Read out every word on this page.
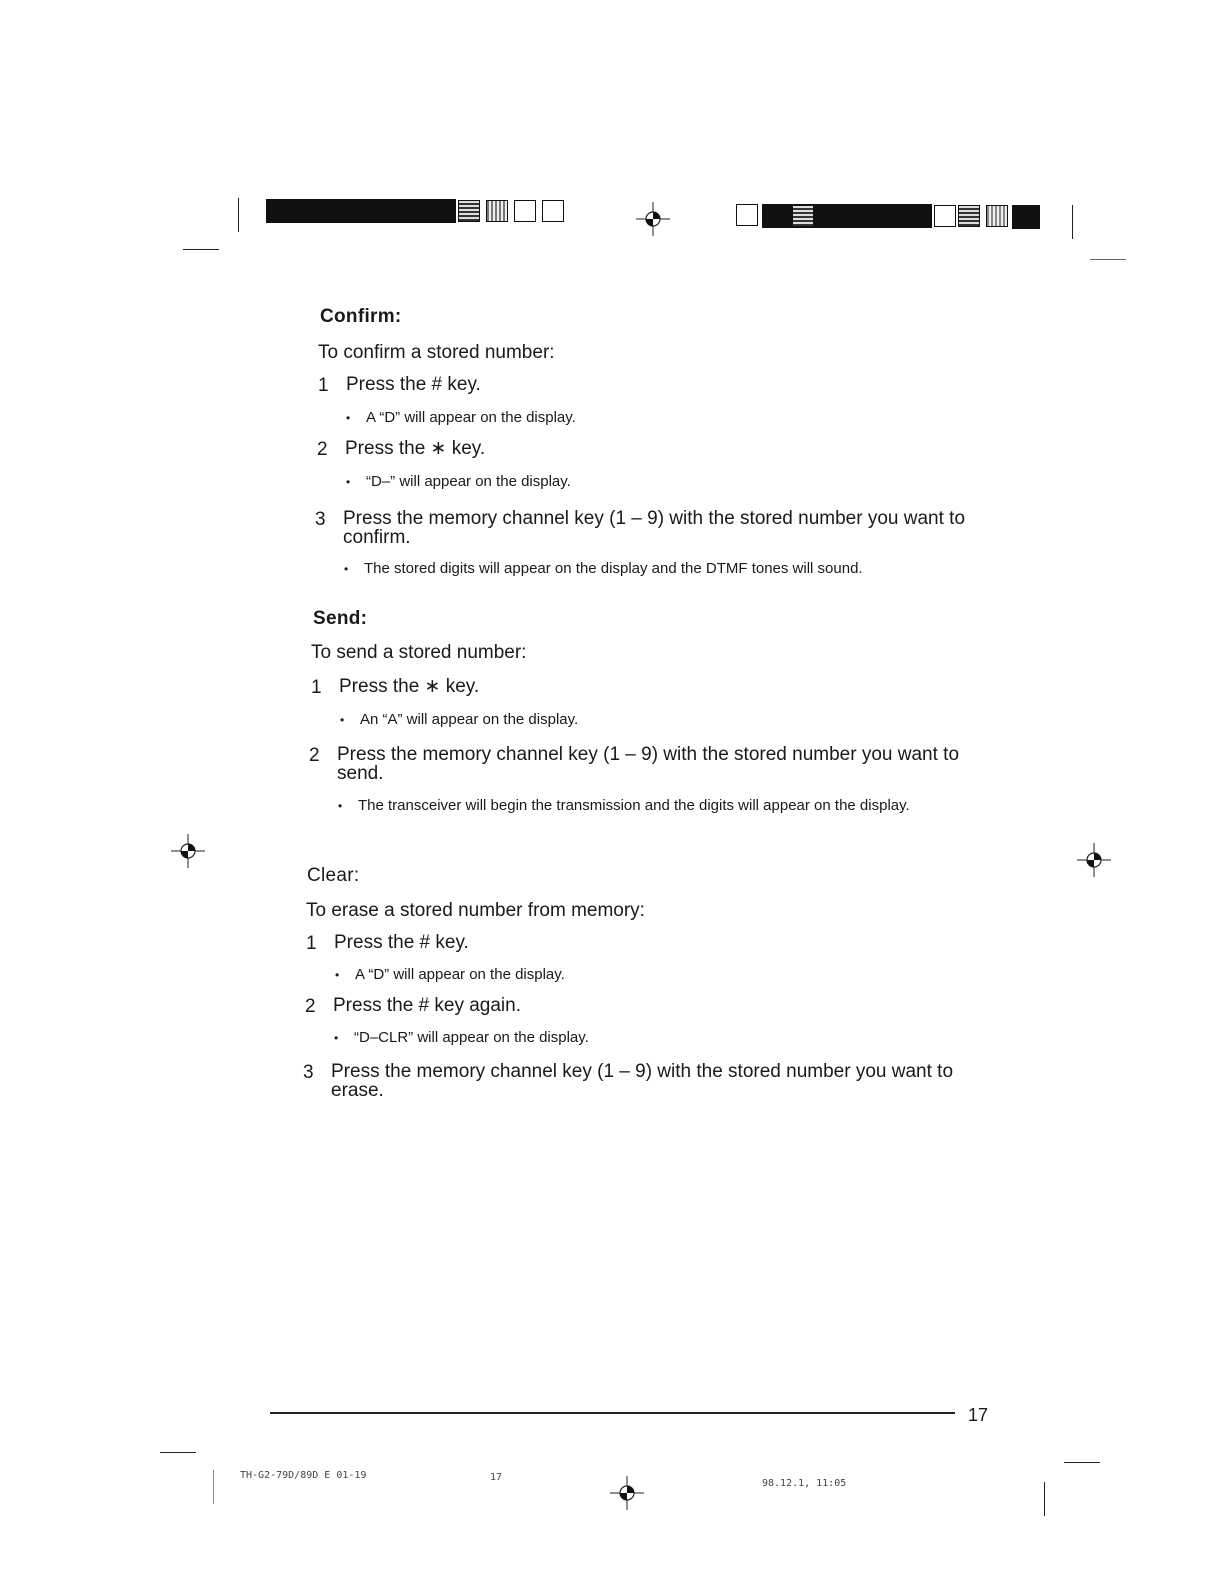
Confirm:
To confirm a stored number:
1 Press the # key.
•	A “D” will appear on the display.
2 Press the ∗ key.
•	“D–” will appear on the display.
3 Press the memory channel key (1 – 9) with the stored number you want to confirm.
•	The stored digits will appear on the display and the DTMF tones will sound.
Send:
To send a stored number:
1 Press the ∗ key.
•	An “A” will appear on the display.
2 Press the memory channel key (1 – 9) with the stored number you want to send.
•	The transceiver will begin the transmission and the digits will appear on the display.
Clear:
To erase a stored number from memory:
1 Press the # key.
•	A “D” will appear on the display.
2 Press the # key again.
•	“D–CLR” will appear on the display.
3 Press the memory channel key (1 – 9) with the stored number you want to erase.
17
TH-G2-79D/89D E 01-19	17
98.12.1, 11:05
